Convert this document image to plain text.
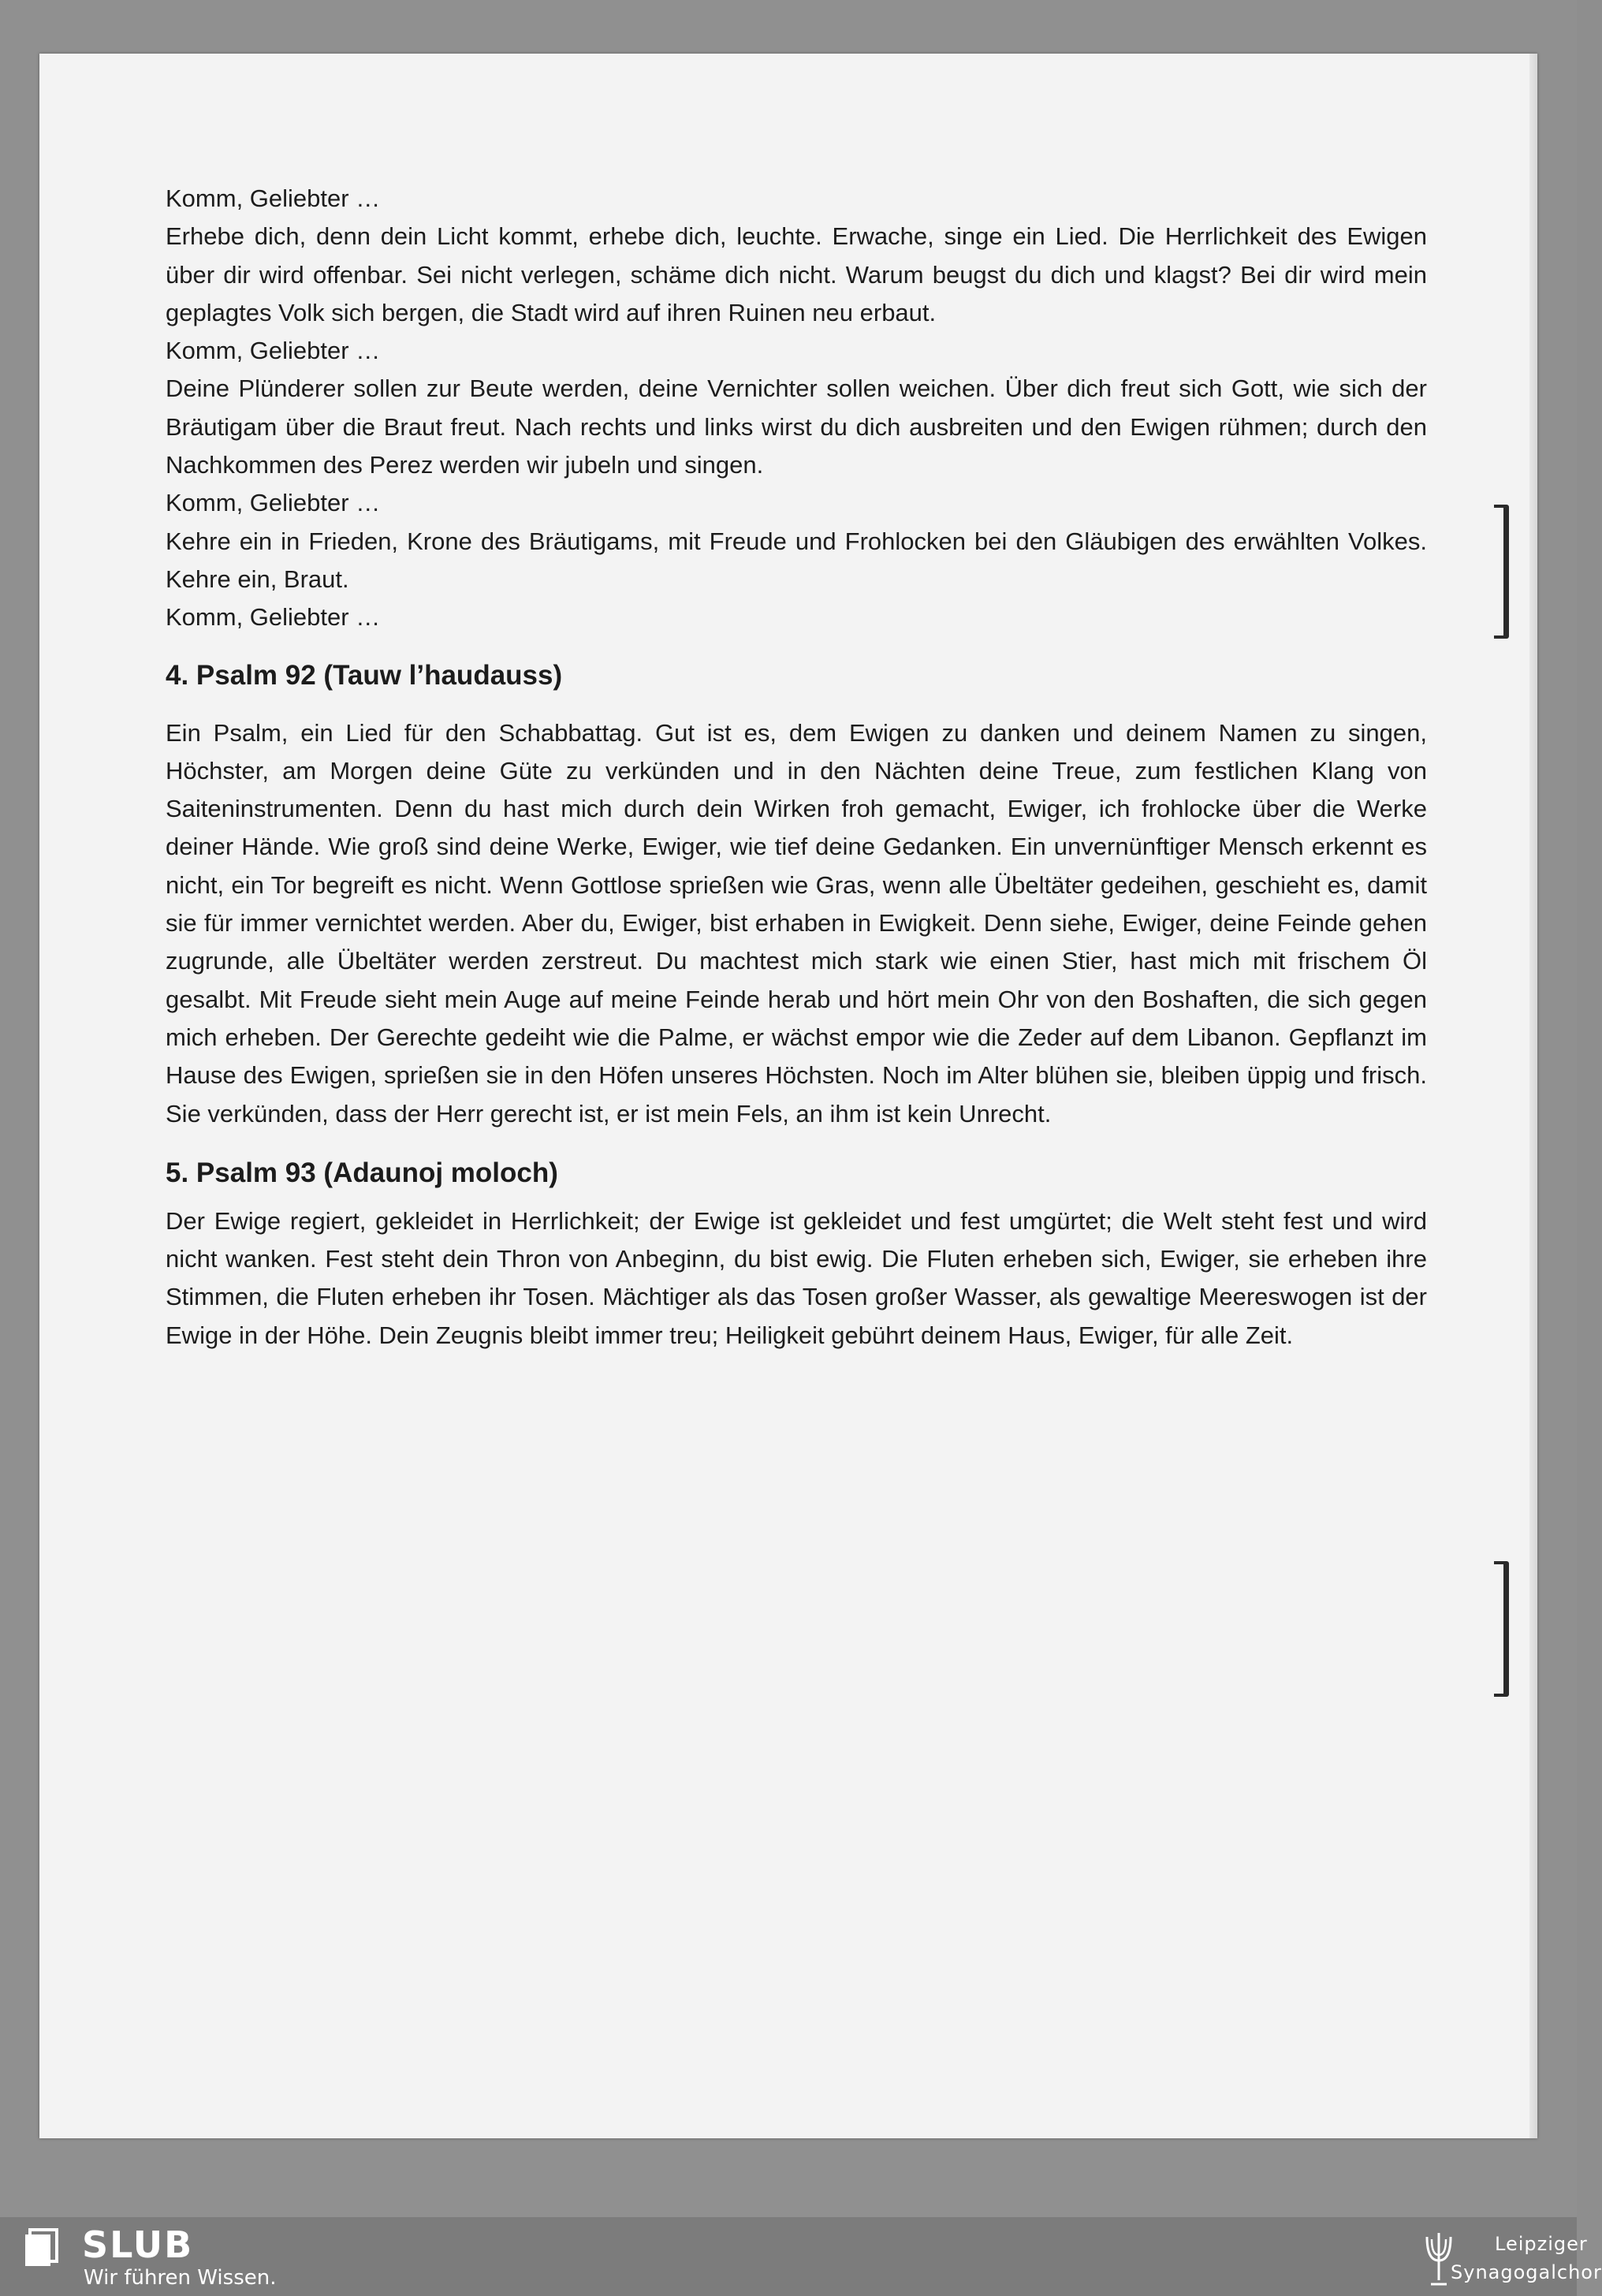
Komm, Geliebter …

Erhebe dich, denn dein Licht kommt, erhebe dich, leuchte. Erwache, singe ein Lied. Die Herrlichkeit des Ewigen über dir wird offenbar. Sei nicht verlegen, schäme dich nicht. Warum beugst du dich und klagst? Bei dir wird mein geplagtes Volk sich bergen, die Stadt wird auf ihren Ruinen neu erbaut.

Komm, Geliebter …

Deine Plünderer sollen zur Beute werden, deine Vernichter sollen weichen. Über dich freut sich Gott, wie sich der Bräutigam über die Braut freut. Nach rechts und links wirst du dich ausbreiten und den Ewigen rühmen; durch den Nachkommen des Perez werden wir jubeln und singen.

Komm, Geliebter …

Kehre ein in Frieden, Krone des Bräutigams, mit Freude und Frohlocken bei den Gläubigen des erwählten Volkes. Kehre ein, Braut.

Komm, Geliebter …

4. Psalm 92 (Tauw l’haudauss)

Ein Psalm, ein Lied für den Schabbattag. Gut ist es, dem Ewigen zu danken und deinem Namen zu singen, Höchster, am Morgen deine Güte zu verkünden und in den Nächten deine Treue, zum festlichen Klang von Saiteninstrumenten. Denn du hast mich durch dein Wirken froh gemacht, Ewiger, ich frohlocke über die Werke deiner Hände. Wie groß sind deine Werke, Ewiger, wie tief deine Gedanken. Ein unvernünftiger Mensch erkennt es nicht, ein Tor begreift es nicht. Wenn Gottlose sprießen wie Gras, wenn alle Übeltäter gedeihen, geschieht es, damit sie für immer vernichtet werden. Aber du, Ewiger, bist erhaben in Ewigkeit. Denn siehe, Ewiger, deine Feinde gehen zugrunde, alle Übeltäter werden zerstreut. Du machtest mich stark wie einen Stier, hast mich mit frischem Öl gesalbt. Mit Freude sieht mein Auge auf meine Feinde herab und hört mein Ohr von den Boshaften, die sich gegen mich erheben. Der Gerechte gedeiht wie die Palme, er wächst empor wie die Zeder auf dem Libanon. Gepflanzt im Hause des Ewigen, sprießen sie in den Höfen unseres Höchsten. Noch im Alter blühen sie, bleiben üppig und frisch. Sie verkünden, dass der Herr gerecht ist, er ist mein Fels, an ihm ist kein Unrecht.

5. Psalm 93 (Adaunoj moloch)

Der Ewige regiert, gekleidet in Herrlichkeit; der Ewige ist gekleidet und fest umgürtet; die Welt steht fest und wird nicht wanken. Fest steht dein Thron von Anbeginn, du bist ewig. Die Fluten erheben sich, Ewiger, sie erheben ihre Stimmen, die Fluten erheben ihr Tosen. Mächtiger als das Tosen großer Wasser, als gewaltige Meereswogen ist der Ewige in der Höhe. Dein Zeugnis bleibt immer treu; Heiligkeit gebührt deinem Haus, Ewiger, für alle Zeit.

SLUB
Wir führen Wissen.
Leipziger
Synagogalchor
